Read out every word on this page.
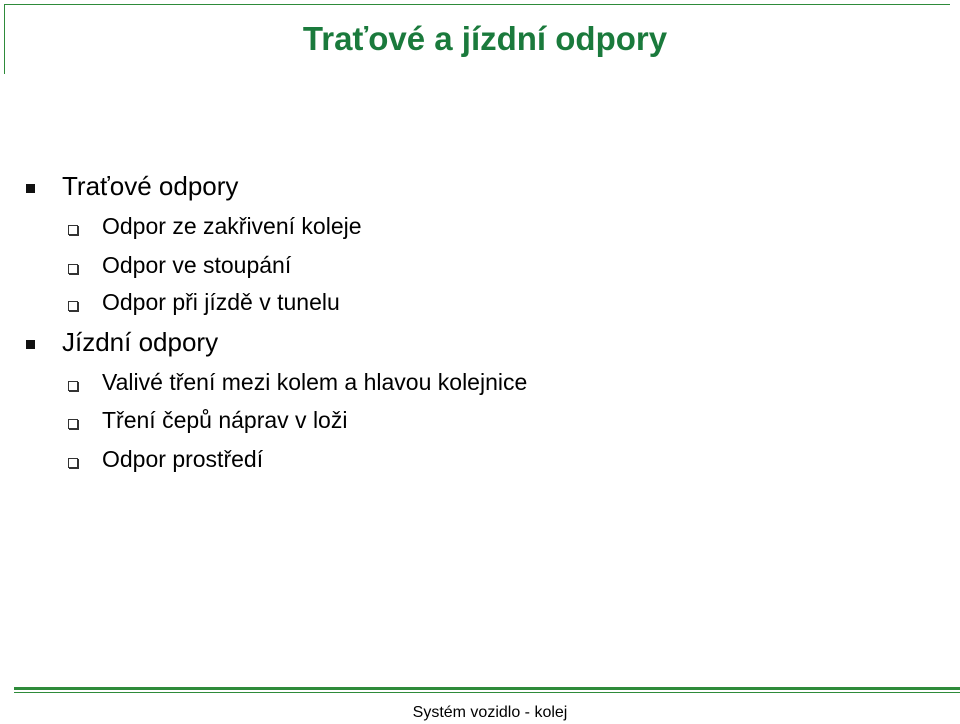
Traťové a jízdní odpory
Traťové odpory
Odpor ze zakřivení koleje
Odpor ve stoupání
Odpor při jízdě v tunelu
Jízdní odpory
Valivé tření mezi kolem a hlavou kolejnice
Tření čepů náprav v loži
Odpor prostředí
Systém vozidlo - kolej
